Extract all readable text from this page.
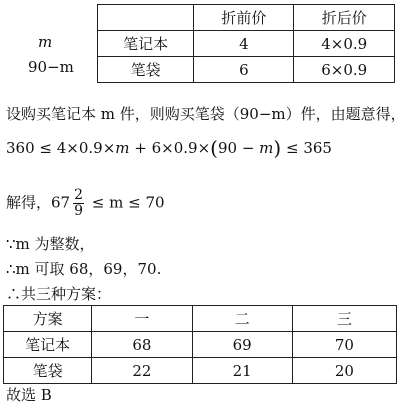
m
90−m
	折前价	折后价
笔记本	4	4×0.9
笔袋	6	6×0.9
设购买笔记本 m 件，则购买笔袋（90−m）件，由题意得，
360 ≤ 4×0.9×m + 6×0.9×(90 − m) ≤ 365
解得，$67 \frac{2}{9} \le m \le 70$
∵m 为整数，
∴m 可取 68，69，70.
∴共三种方案：
方案	一	二	三
笔记本	68	69	70
笔袋	22	21	20
故选 B
